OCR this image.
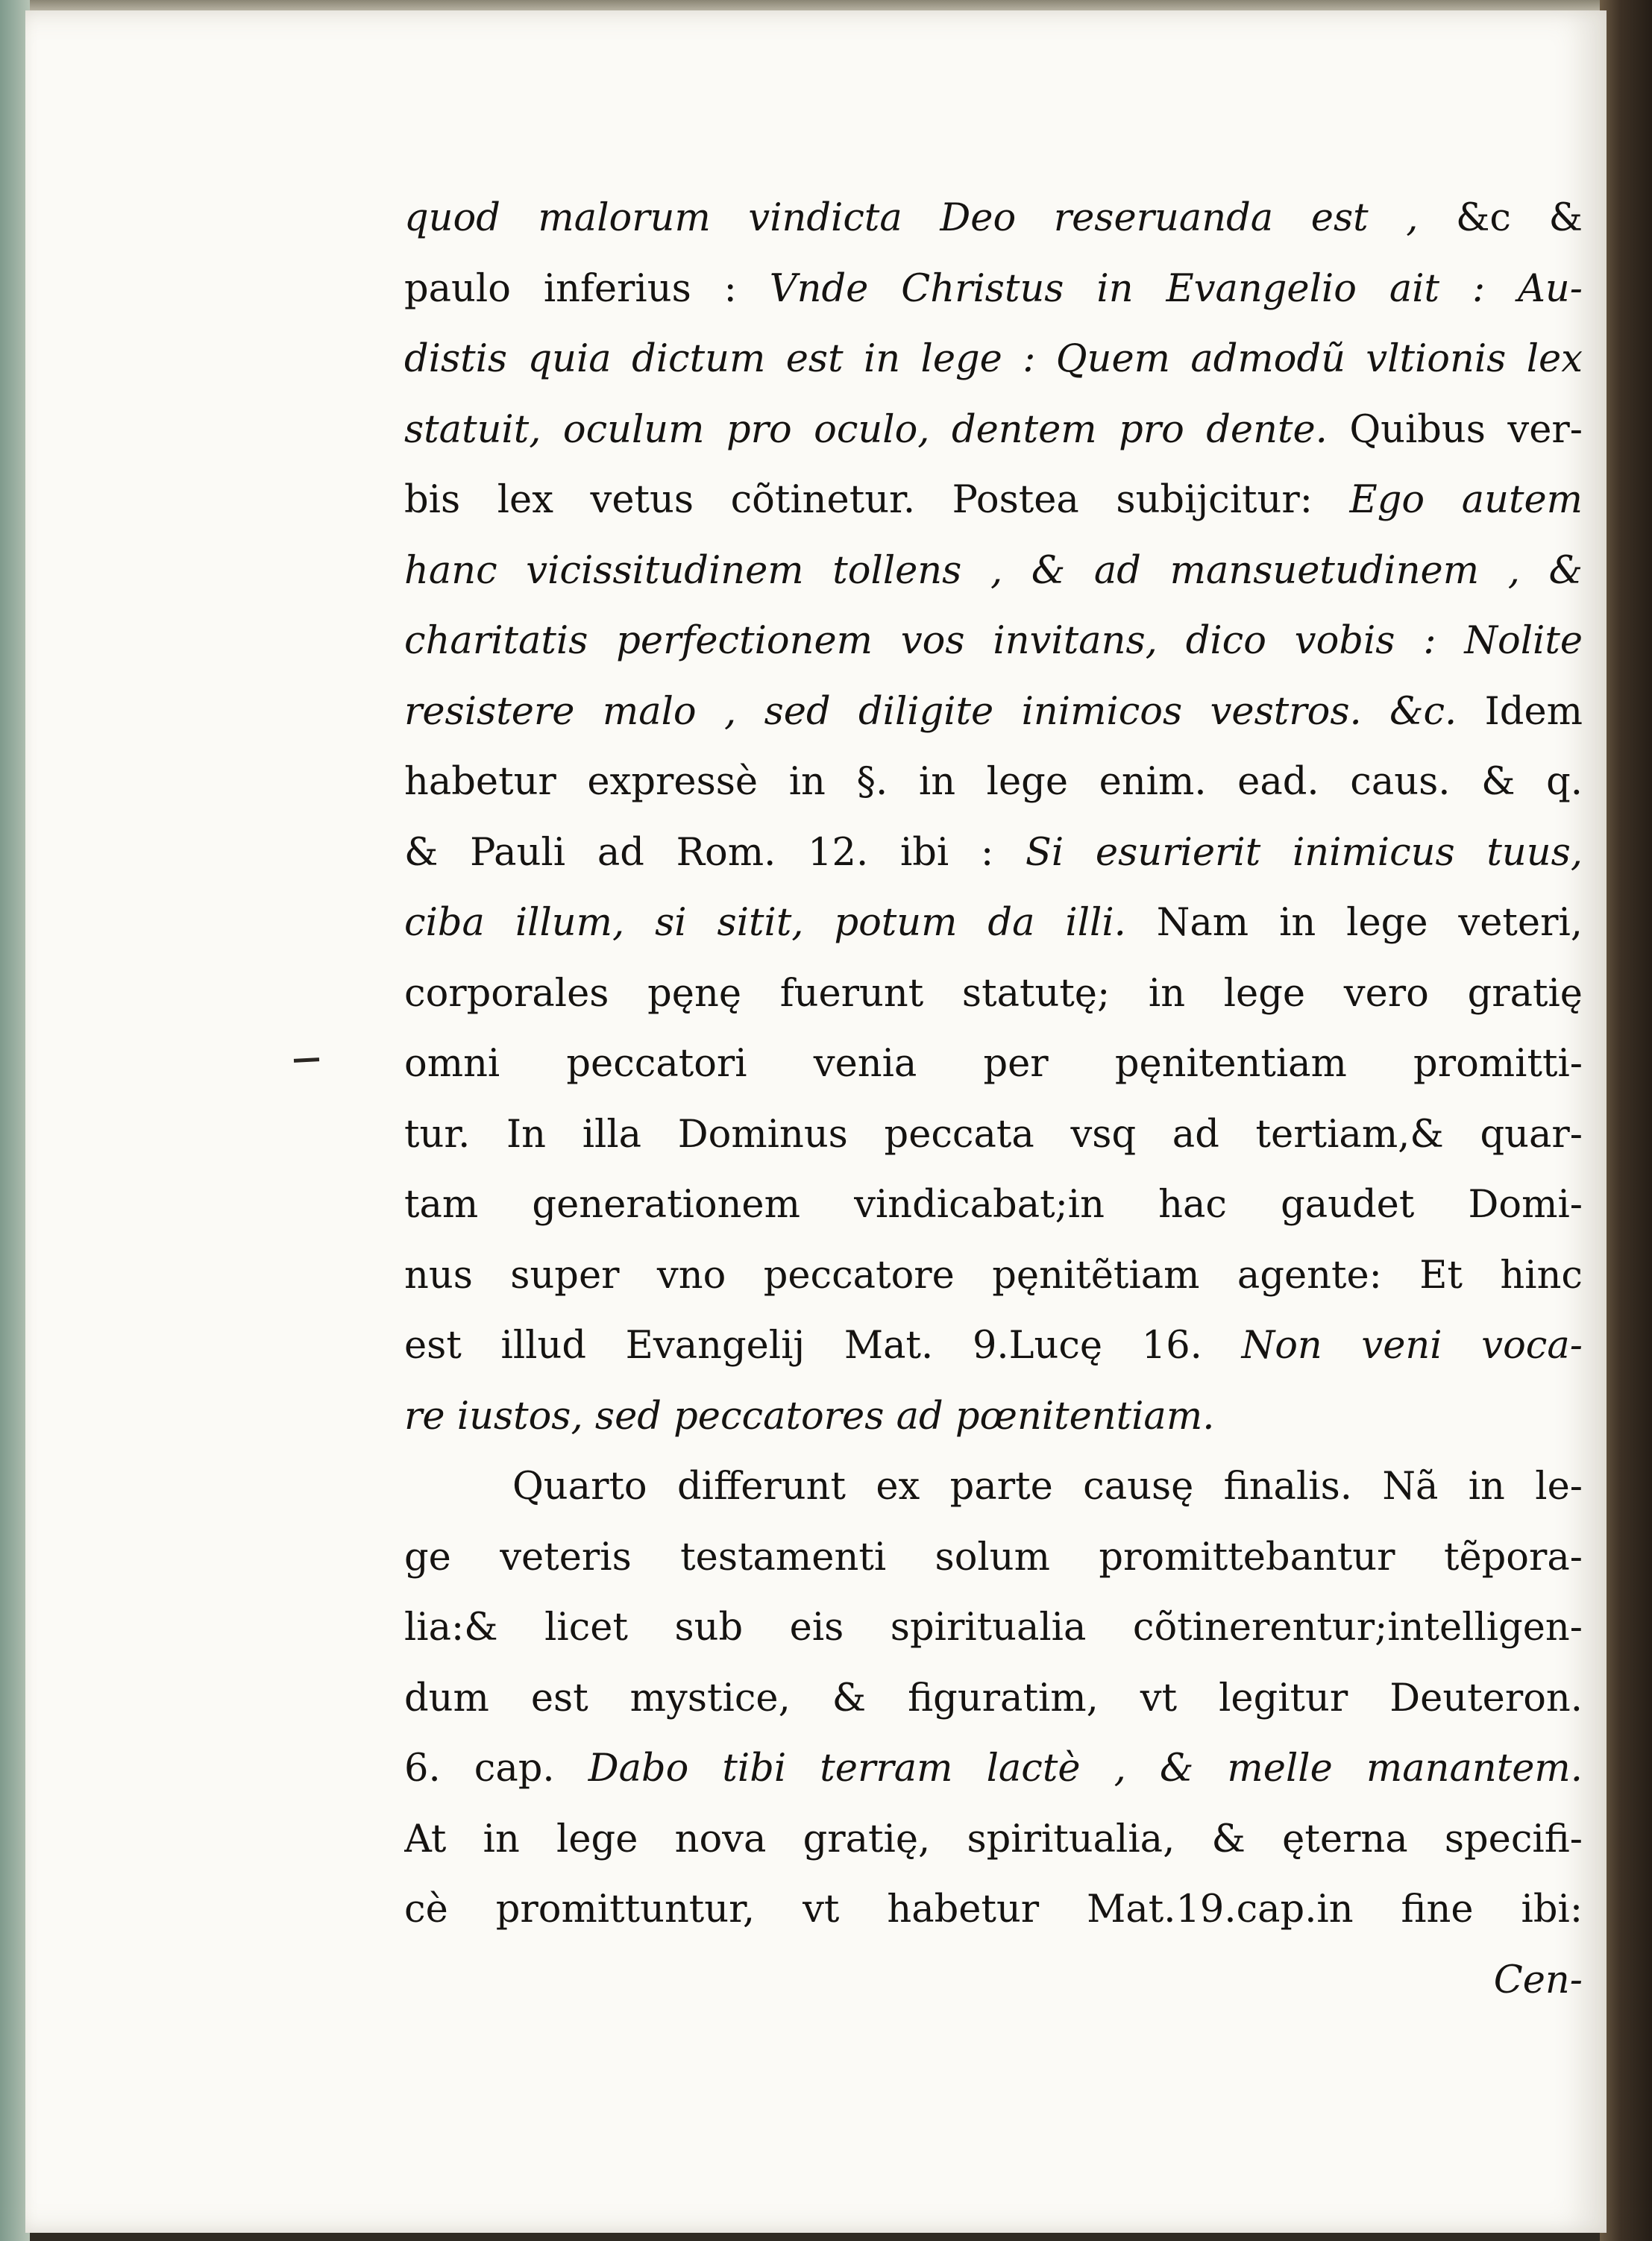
quod malorum vindicta Deo reseruanda est , &c &
paulo inferius : Vnde Christus in Evangelio ait : Au-
distis quia dictum est in lege : Quem admodũ vltionis lex
statuit, oculum pro oculo, dentem pro dente. Quibus ver-
bis lex vetus cõtinetur. Postea subijcitur: Ego autem
hanc vicissitudinem tollens , & ad mansuetudinem , &
charitatis perfectionem vos invitans, dico vobis : Nolite
resistere malo , sed diligite inimicos vestros. &c. Idem
habetur expressè in §. in lege enim. ead. caus. & q.
& Pauli ad Rom. 12. ibi : Si esurierit inimicus tuus,
ciba illum, si sitit, potum da illi. Nam in lege veteri,
corporales pęnę fuerunt statutę; in lege vero gratię
omni peccatori venia per pęnitentiam promitti-
tur. In illa Dominus peccata vsq ad tertiam,& quar-
tam generationem vindicabat;in hac gaudet Domi-
nus super vno peccatore pęnitẽtiam agente: Et hinc
est illud Evangelij Mat. 9.Lucę 16. Non veni voca-
re iustos, sed peccatores ad pœnitentiam.
Quarto differunt ex parte causę finalis. Nã in le-
ge veteris testamenti solum promittebantur tẽpora-
lia:& licet sub eis spiritualia cõtinerentur;intelligen-
dum est mystice, & figuratim, vt legitur Deuteron.
6. cap. Dabo tibi terram lactè , & melle manantem.
At in lege nova gratię, spiritualia, & ęterna specifi-
cè promittuntur, vt habetur Mat.19.cap.in fine ibi:
Cen-
